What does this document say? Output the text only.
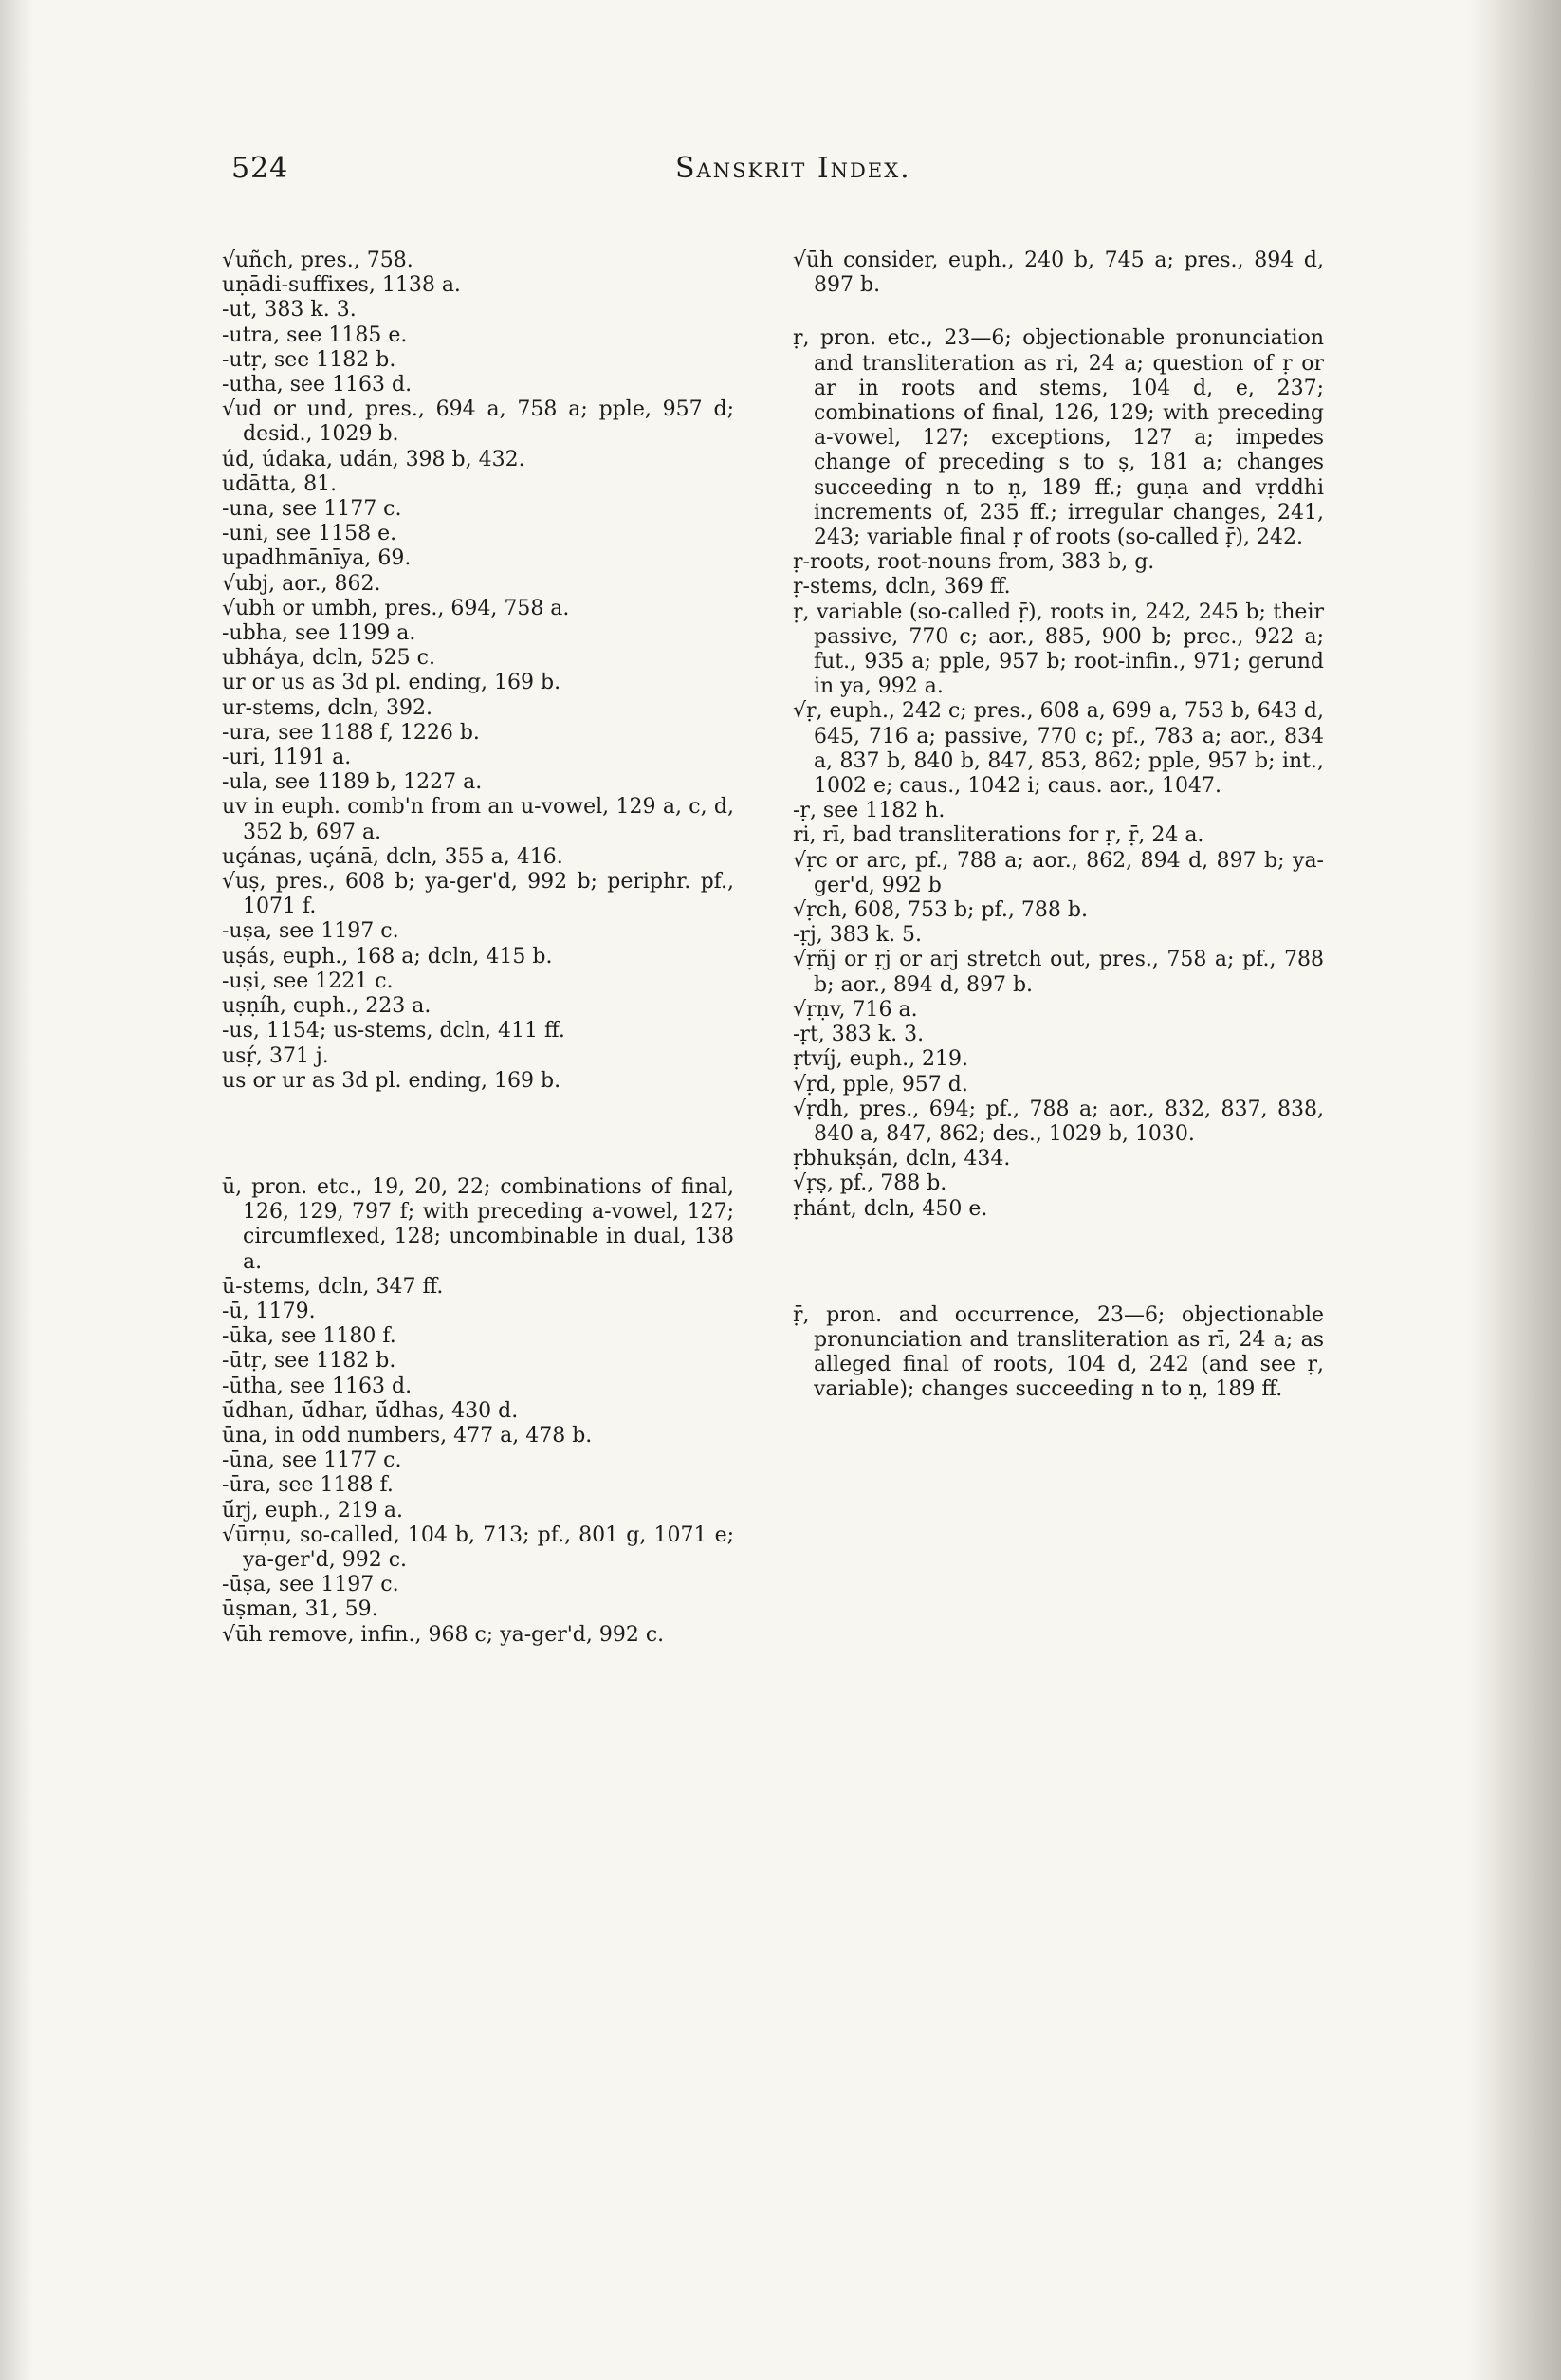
524	Sanskrit Index.
√uñch, pres., 758.
uṇādi-suffixes, 1138 a.
-ut, 383 k. 3.
-utra, see 1185 e.
-utṛ, see 1182 b.
-utha, see 1163 d.
√ud or und, pres., 694 a, 758 a; pple, 957 d; desid., 1029 b.
úd, údaka, udán, 398 b, 432.
udātta, 81.
-una, see 1177 c.
-uni, see 1158 e.
upadhmānīya, 69.
√ubj, aor., 862.
√ubh or umbh, pres., 694, 758 a.
-ubha, see 1199 a.
ubháya, dcln, 525 c.
ur or us as 3d pl. ending, 169 b.
ur-stems, dcln, 392.
-ura, see 1188 f, 1226 b.
-uri, 1191 a.
-ula, see 1189 b, 1227 a.
uv in euph. comb'n from an u-vowel, 129 a, c, d, 352 b, 697 a.
uçánas, uçánā, dcln, 355 a, 416.
√uṣ, pres., 608 b; ya-ger'd, 992 b; periphr. pf., 1071 f.
-uṣa, see 1197 c.
uṣás, euph., 168 a; dcln, 415 b.
-uṣi, see 1221 c.
uṣṇíh, euph., 223 a.
-us, 1154; us-stems, dcln, 411 ff.
usṛ́, 371 j.
us or ur as 3d pl. ending, 169 b.
ū, pron. etc., 19, 20, 22; combinations of final, 126, 129, 797 f; with preceding a-vowel, 127; circumflexed, 128; uncombinable in dual, 138 a.
ū-stems, dcln, 347 ff.
-ū, 1179.
-ūka, see 1180 f.
-ūtṛ, see 1182 b.
-ūtha, see 1163 d.
ū́dhan, ū́dhar, ū́dhas, 430 d.
ūna, in odd numbers, 477 a, 478 b.
-ūna, see 1177 c.
-ūra, see 1188 f.
ū́rj, euph., 219 a.
√ūrṇu, so-called, 104 b, 713; pf., 801 g, 1071 e; ya-ger'd, 992 c.
-ūṣa, see 1197 c.
ūṣman, 31, 59.
√ūh remove, infin., 968 c; ya-ger'd, 992 c.
√ūh consider, euph., 240 b, 745 a; pres., 894 d, 897 b.
ṛ, pron. etc., 23—6; objectionable pronunciation and transliteration as ri, 24 a; question of ṛ or ar in roots and stems, 104 d, e, 237; combinations of final, 126, 129; with preceding a-vowel, 127; exceptions, 127 a; impedes change of preceding s to ṣ, 181 a; changes succeeding n to ṇ, 189 ff.; guṇa and vṛddhi increments of, 235 ff.; irregular changes, 241, 243; variable final ṛ of roots (so-called ṝ), 242.
ṛ-roots, root-nouns from, 383 b, g.
ṛ-stems, dcln, 369 ff.
ṛ, variable (so-called ṝ), roots in, 242, 245 b; their passive, 770 c; aor., 885, 900 b; prec., 922 a; fut., 935 a; pple, 957 b; root-infin., 971; gerund in ya, 992 a.
√ṛ, euph., 242 c; pres., 608 a, 699 a, 753 b, 643 d, 645, 716 a; passive, 770 c; pf., 783 a; aor., 834 a, 837 b, 840 b, 847, 853, 862; pple, 957 b; int., 1002 e; caus., 1042 i; caus. aor., 1047.
-ṛ, see 1182 h.
ri, rī, bad transliterations for ṛ, ṝ, 24 a.
√ṛc or arc, pf., 788 a; aor., 862, 894 d, 897 b; ya-ger'd, 992 b
√ṛch, 608, 753 b; pf., 788 b.
-ṛj, 383 k. 5.
√ṛñj or ṛj or arj stretch out, pres., 758 a; pf., 788 b; aor., 894 d, 897 b.
√ṛṇv, 716 a.
-ṛt, 383 k. 3.
ṛtvíj, euph., 219.
√ṛd, pple, 957 d.
√ṛdh, pres., 694; pf., 788 a; aor., 832, 837, 838, 840 a, 847, 862; des., 1029 b, 1030.
ṛbhukṣán, dcln, 434.
√ṛṣ, pf., 788 b.
ṛhánt, dcln, 450 e.
ṝ, pron. and occurrence, 23—6; objectionable pronunciation and transliteration as rī, 24 a; as alleged final of roots, 104 d, 242 (and see ṛ, variable); changes succeeding n to ṇ, 189 ff.
